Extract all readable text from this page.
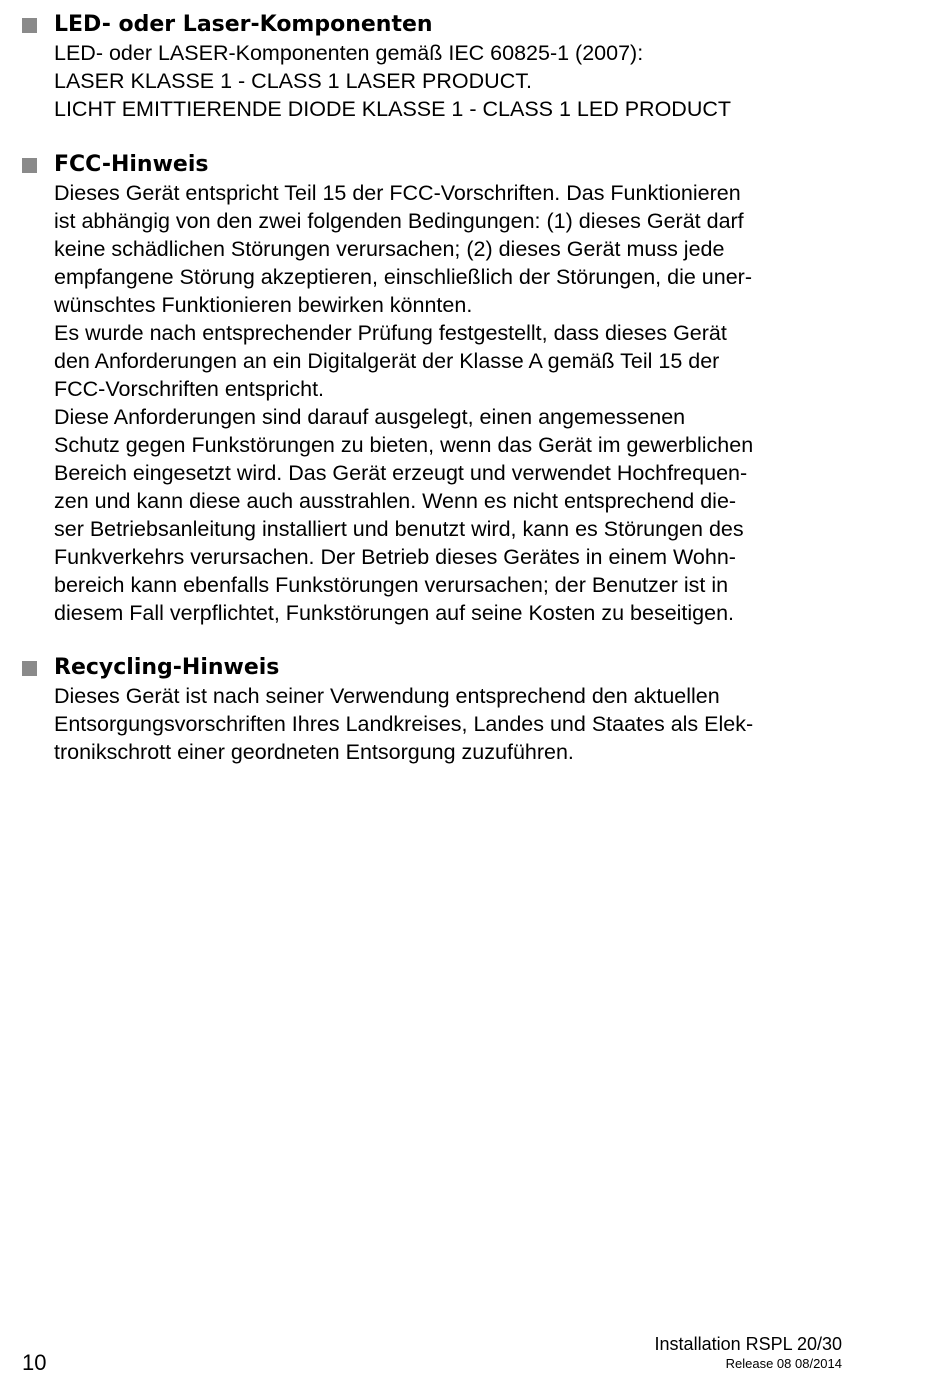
LED- oder Laser-Komponenten
LED- oder LASER-Komponenten gemäß IEC 60825-1 (2007):
LASER KLASSE 1 - CLASS 1 LASER PRODUCT.
LICHT EMITTIERENDE DIODE KLASSE 1 - CLASS 1 LED PRODUCT
FCC-Hinweis
Dieses Gerät entspricht Teil 15 der FCC-Vorschriften. Das Funktionieren
ist abhängig von den zwei folgenden Bedingungen: (1) dieses Gerät darf
keine schädlichen Störungen verursachen; (2) dieses Gerät muss jede
empfangene Störung akzeptieren, einschließlich der Störungen, die uner-
wünschtes Funktionieren bewirken könnten.
Es wurde nach entsprechender Prüfung festgestellt, dass dieses Gerät
den Anforderungen an ein Digitalgerät der Klasse A gemäß Teil 15 der
FCC-Vorschriften entspricht.
Diese Anforderungen sind darauf ausgelegt, einen angemessenen
Schutz gegen Funkstörungen zu bieten, wenn das Gerät im gewerblichen
Bereich eingesetzt wird. Das Gerät erzeugt und verwendet Hochfrequen-
zen und kann diese auch ausstrahlen. Wenn es nicht entsprechend die-
ser Betriebsanleitung installiert und benutzt wird, kann es Störungen des
Funkverkehrs verursachen. Der Betrieb dieses Gerätes in einem Wohn-
bereich kann ebenfalls Funkstörungen verursachen; der Benutzer ist in
diesem Fall verpflichtet, Funkstörungen auf seine Kosten zu beseitigen.
Recycling-Hinweis
Dieses Gerät ist nach seiner Verwendung entsprechend den aktuellen
Entsorgungsvorschriften Ihres Landkreises, Landes und Staates als Elek-
tronikschrott einer geordneten Entsorgung zuzuführen.
10
Installation RSPL 20/30
Release 08 08/2014
